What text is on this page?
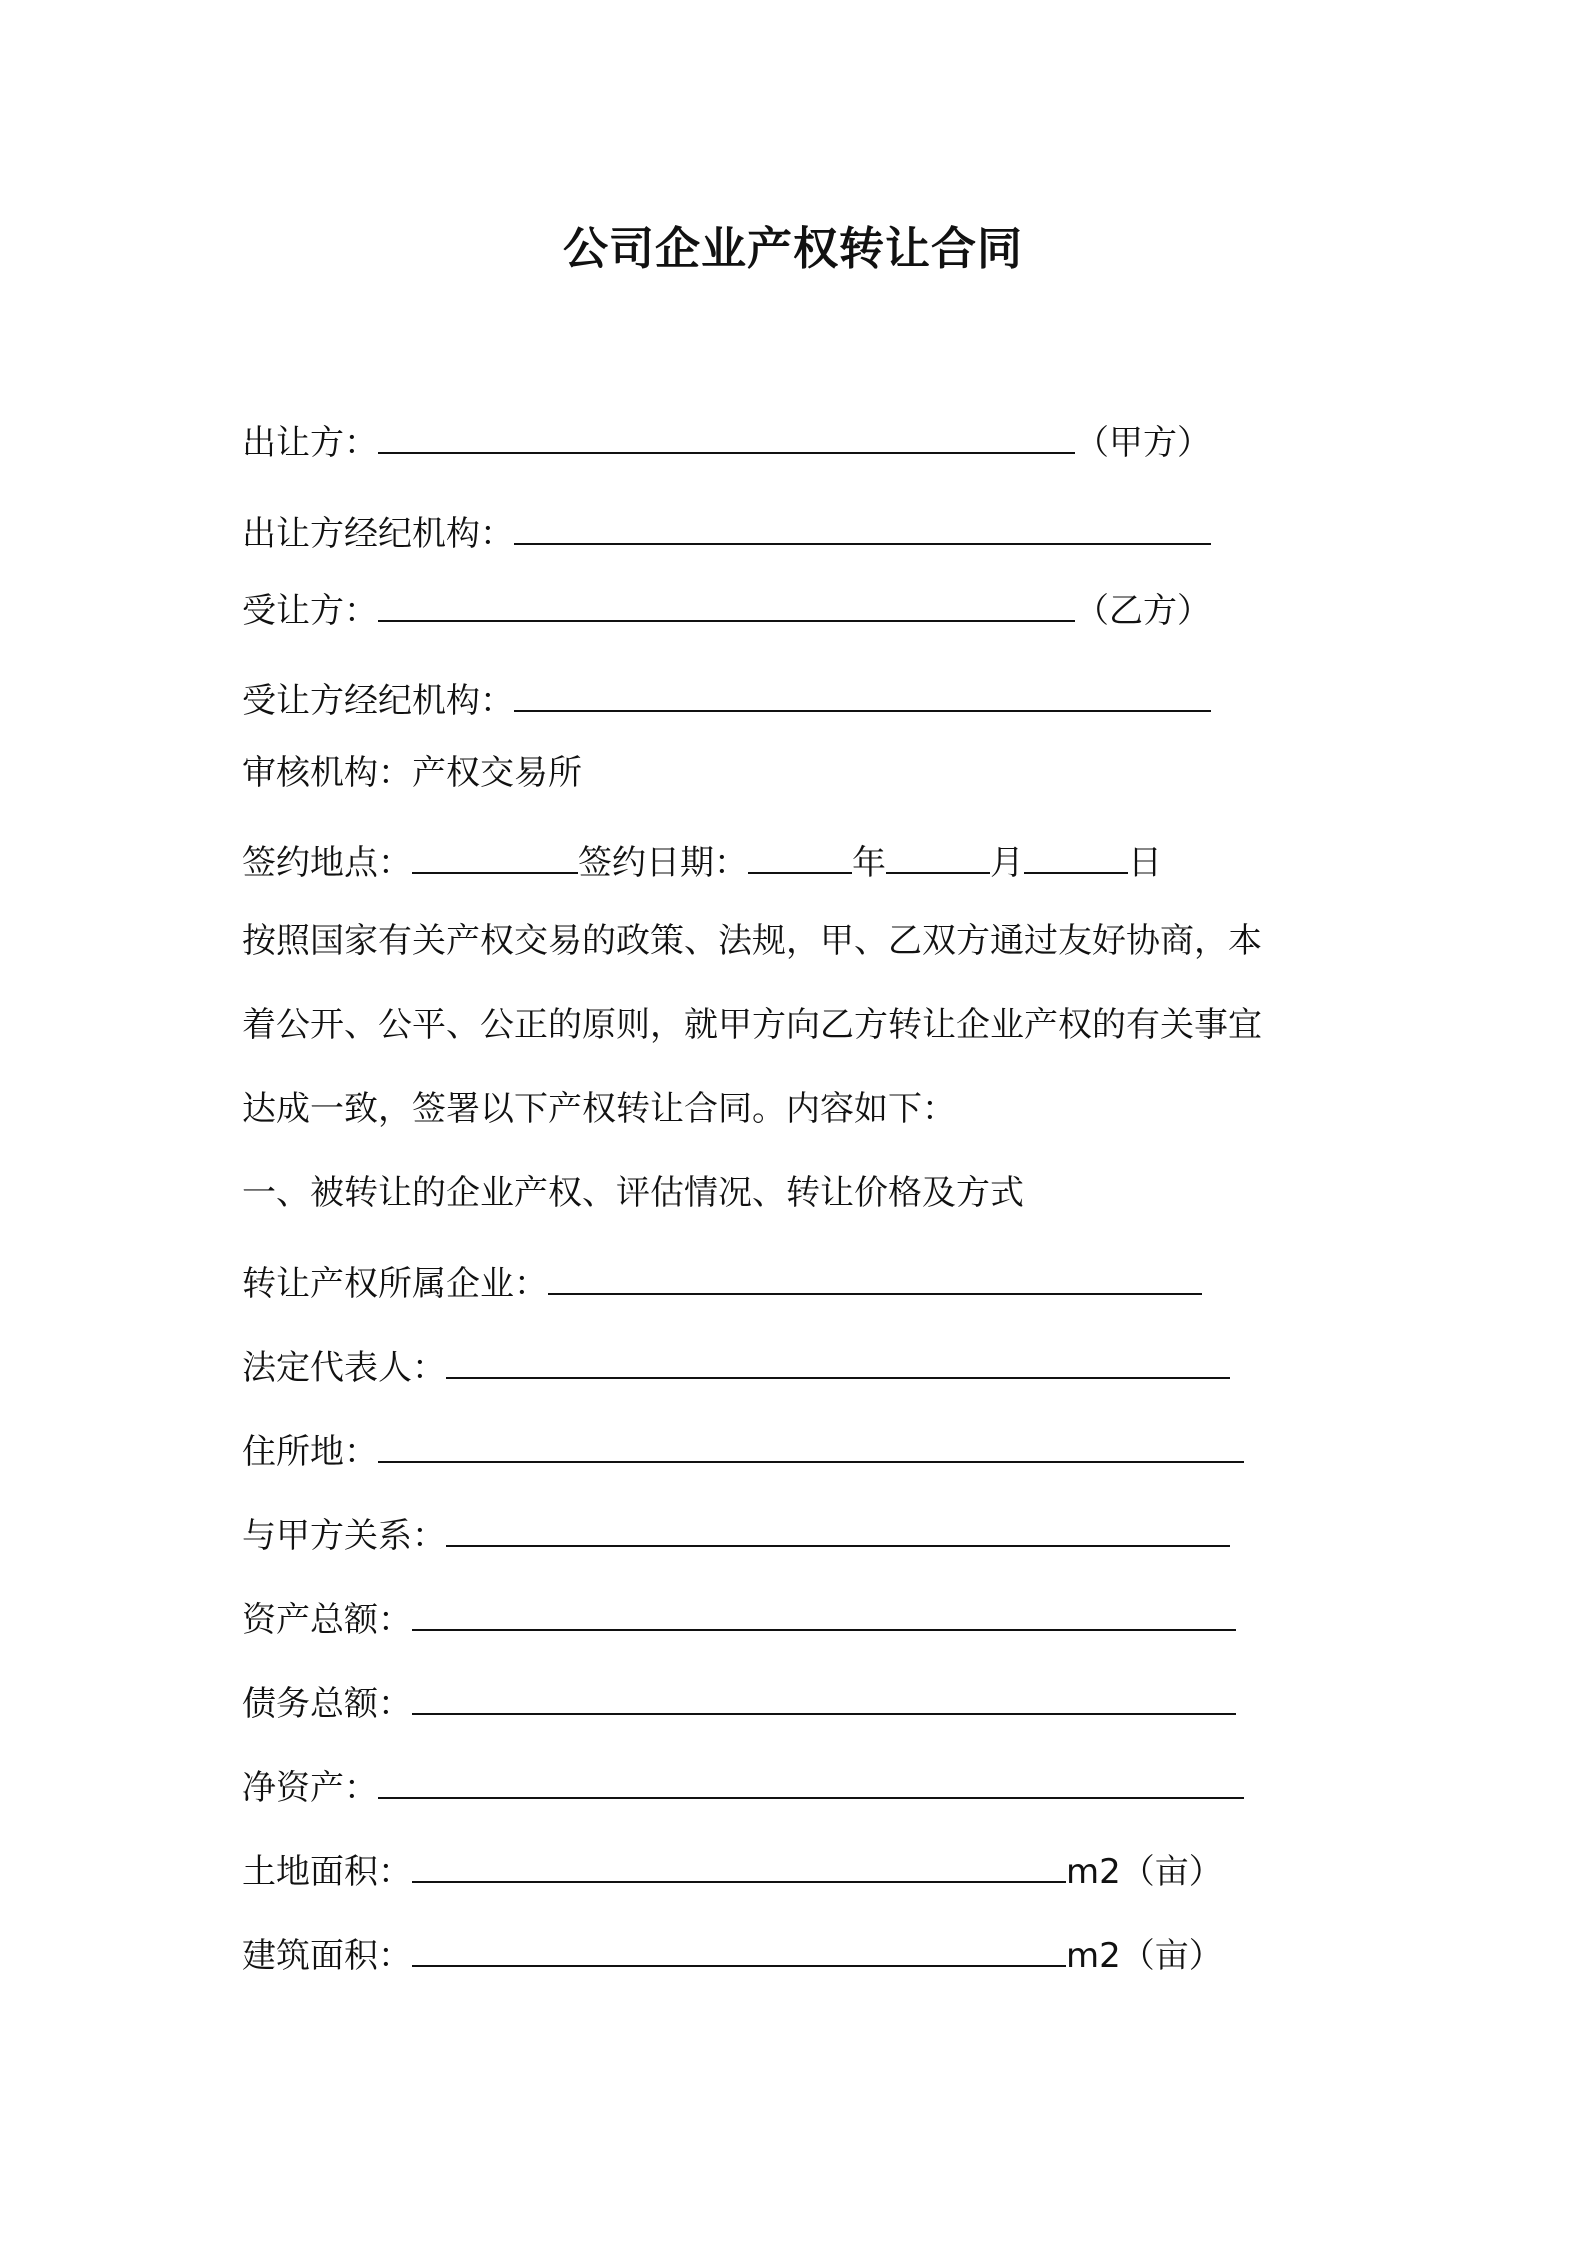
公司企业产权转让合同
出让方：	（甲方）
出让方经纪机构：
受让方：	（乙方）
受让方经纪机构：
审核机构：产权交易所
签约地点：	签约日期：	年	月	日
按照国家有关产权交易的政策、法规，甲、乙双方通过友好协商，本
着公开、公平、公正的原则，就甲方向乙方转让企业产权的有关事宜
达成一致，签署以下产权转让合同。内容如下：
一、被转让的企业产权、评估情况、转让价格及方式
转让产权所属企业：
法定代表人：
住所地：
与甲方关系：
资产总额：
债务总额：
净资产：
土地面积：	m2（亩）
建筑面积：	m2（亩）
